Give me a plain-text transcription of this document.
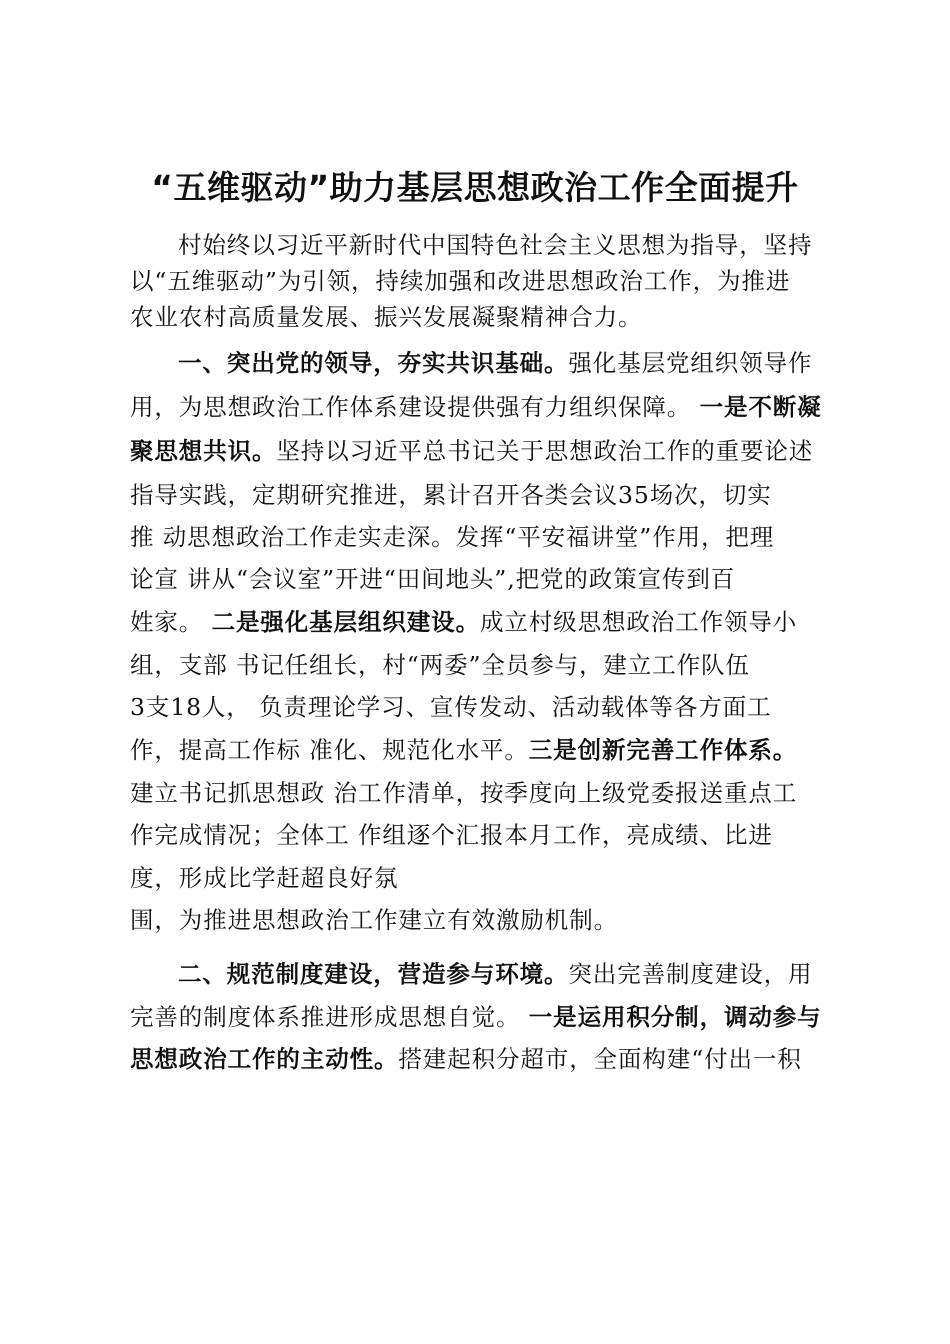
“五维驱动”助力基层思想政治工作全面提升
村始终以习近平新时代中国特色社会主义思想为指导，坚持
以“五维驱动”为引领，持续加强和改进思想政治工作，为推进
农业农村高质量发展、振兴发展凝聚精神合力。
一、突出党的领导，夯实共识基础。强化基层党组织领导作
用，为思想政治工作体系建设提供强有力组织保障。 一是不断凝
聚思想共识。坚持以习近平总书记关于思想政治工作的重要论述
指导实践，定期研究推进，累计召开各类会议35场次，切实
推 动思想政治工作走实走深。发挥“平安福讲堂”作用，把理
论宣 讲从“会议室”开进“田间地头”,把党的政策宣传到百
姓家。 二是强化基层组织建设。成立村级思想政治工作领导小
组，支部 书记任组长，村“两委”全员参与，建立工作队伍
3支18人， 负责理论学习、宣传发动、活动载体等各方面工
作，提高工作标 准化、规范化水平。三是创新完善工作体系。
建立书记抓思想政 治工作清单，按季度向上级党委报送重点工
作完成情况；全体工 作组逐个汇报本月工作，亮成绩、比进
度，形成比学赶超良好氛
围，为推进思想政治工作建立有效激励机制。
二、规范制度建设，营造参与环境。突出完善制度建设，用
完善的制度体系推进形成思想自觉。 一是运用积分制，调动参与
思想政治工作的主动性。搭建起积分超市，全面构建“付出一积
